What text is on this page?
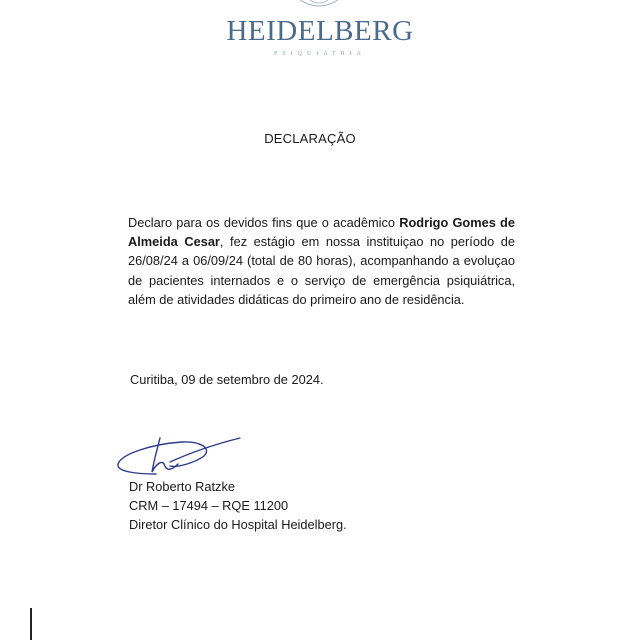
HEIDELBERG
PSIQUIATRIA
DECLARAÇÃO

Declaro para os devidos fins que o acadêmico Rodrigo Gomes de Almeida Cesar, fez estágio em nossa instituiçao no período de 26/08/24 a 06/09/24 (total de 80 horas), acompanhando a evoluçao de pacientes internados e o serviço de emergência psiquiátrica, além de atividades didáticas do primeiro ano de residência.

Curitiba, 09 de setembro de 2024.
Dr Roberto Ratzke
CRM – 17494 – RQE 11200
Diretor Clínico do Hospital Heidelberg.
